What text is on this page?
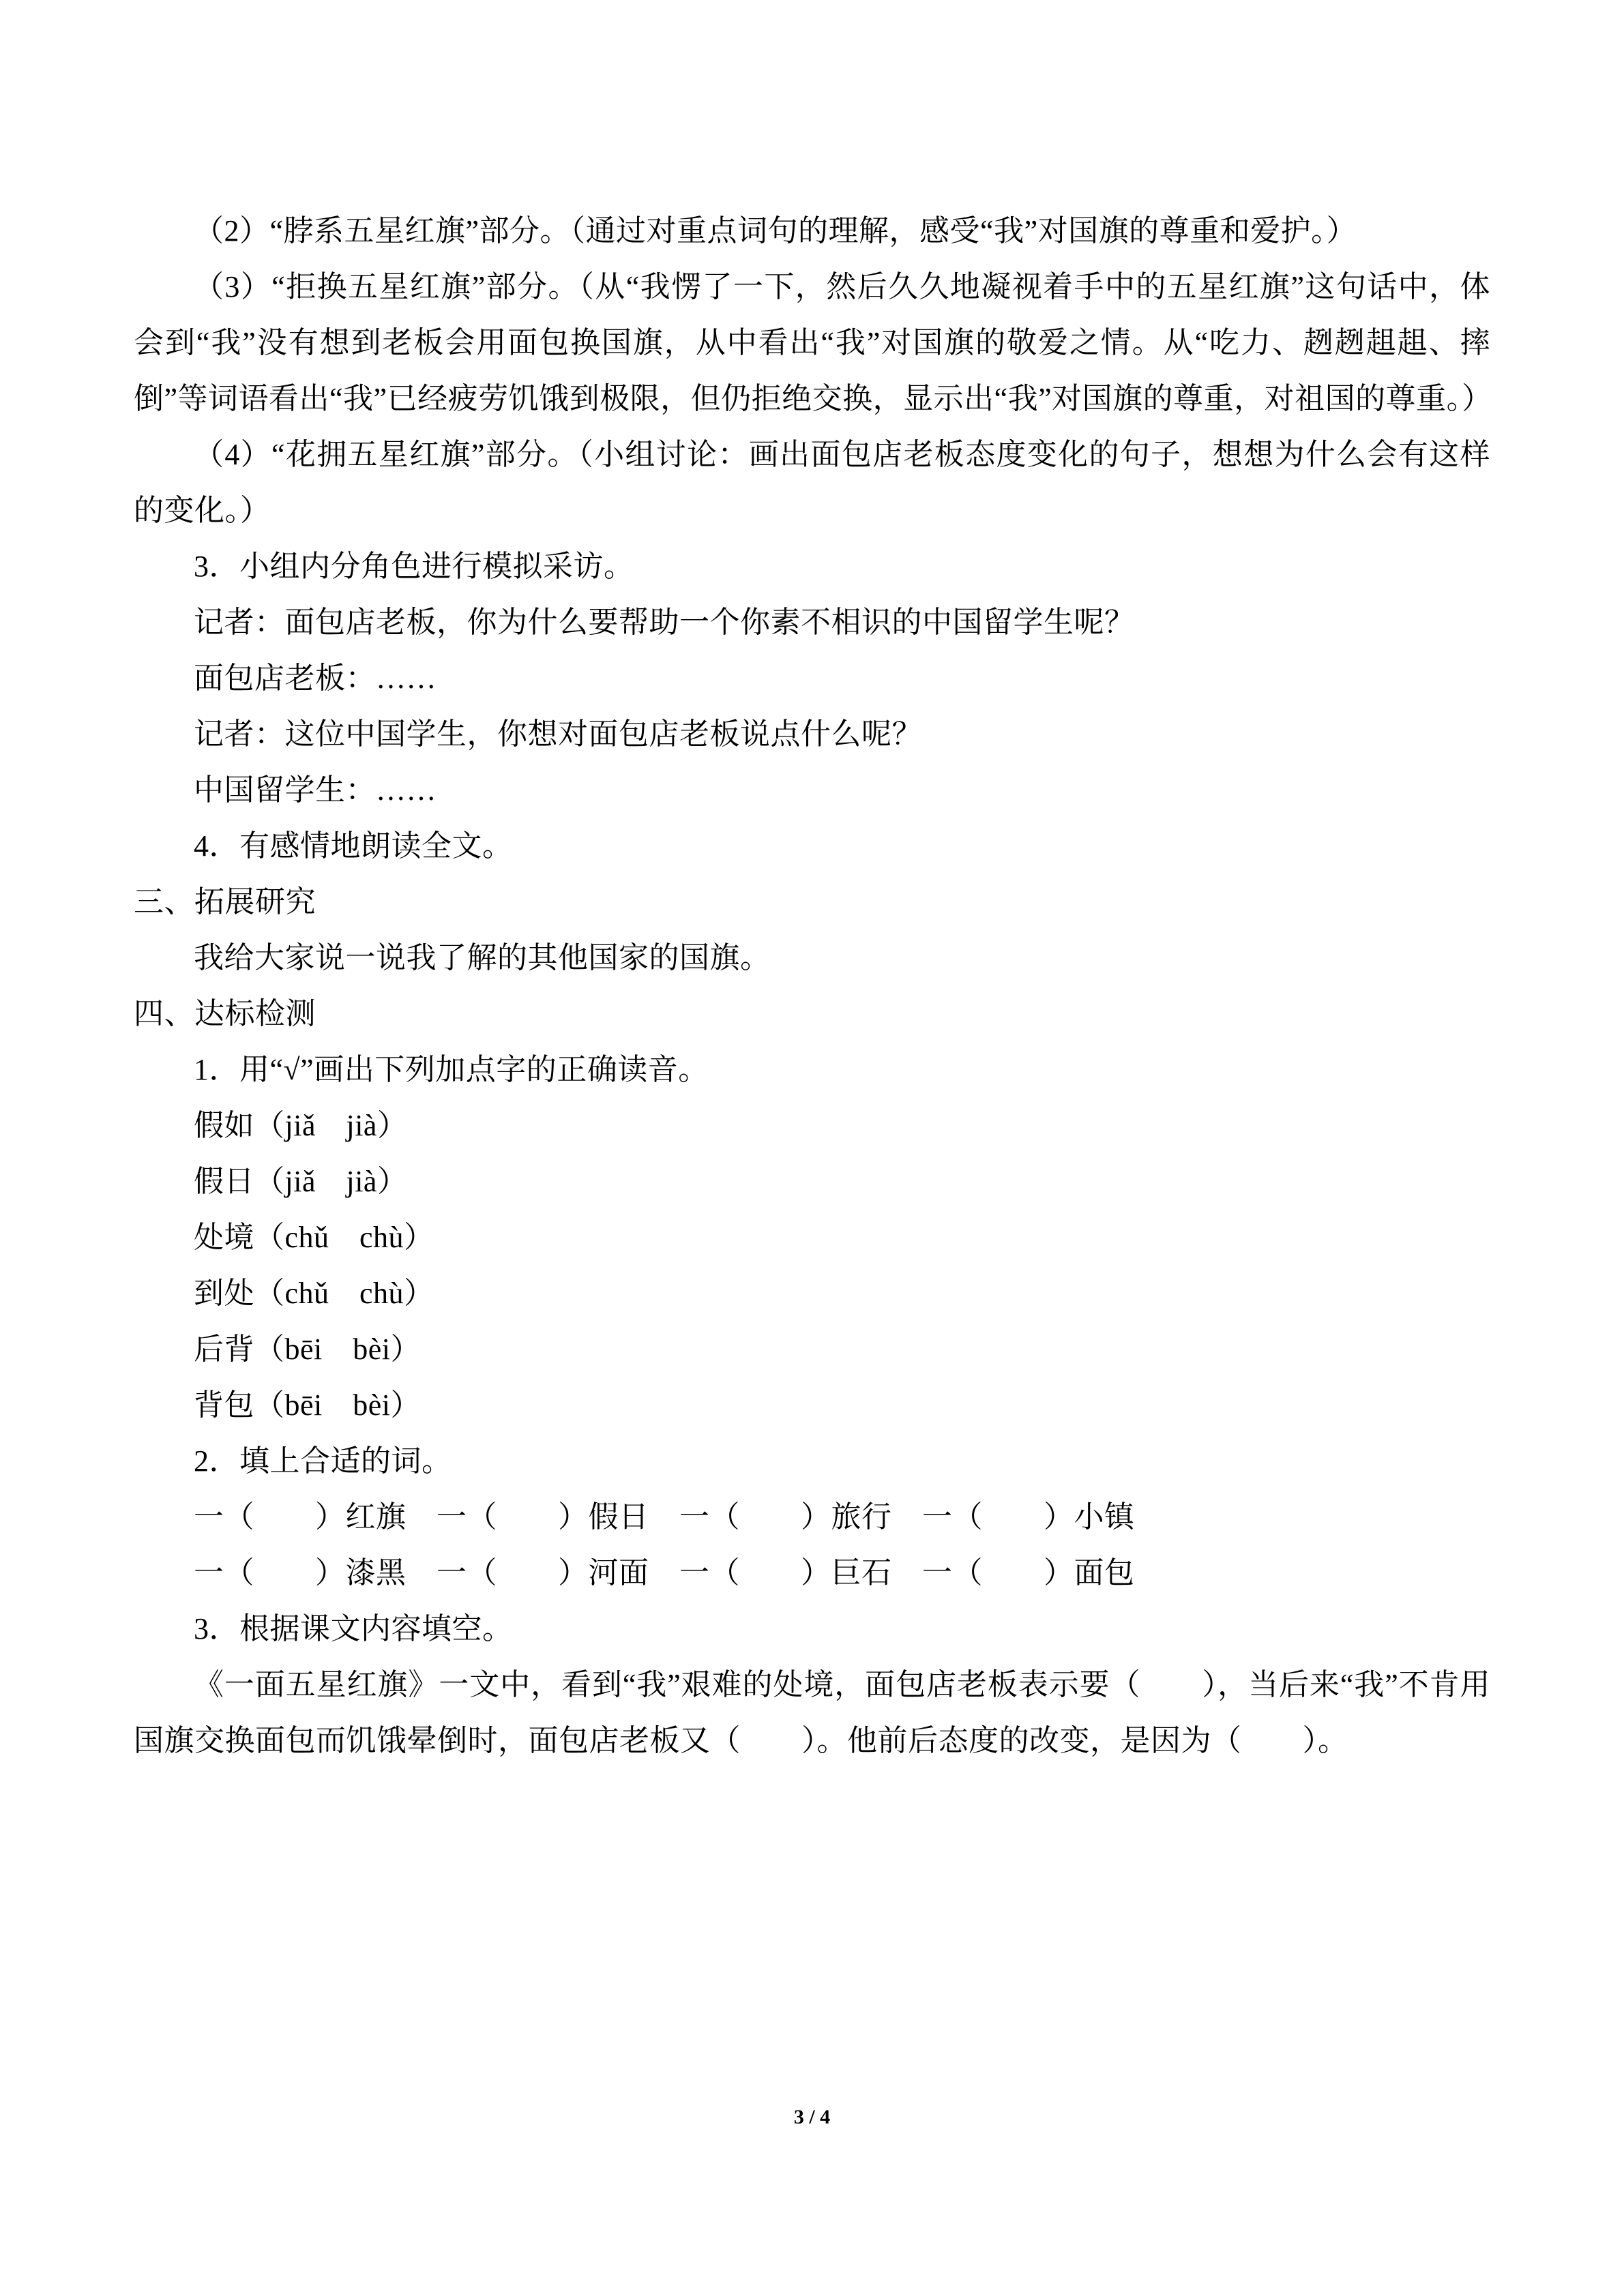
（2）“脖系五星红旗”部分。（通过对重点词句的理解，感受“我”对国旗的尊重和爱护。）

（3）“拒换五星红旗”部分。（从“我愣了一下，然后久久地凝视着手中的五星红旗”这句话中，体会到“我”没有想到老板会用面包换国旗，从中看出“我”对国旗的敬爱之情。从“吃力、趔趔趄趄、摔倒”等词语看出“我”已经疲劳饥饿到极限，但仍拒绝交换，显示出“我”对国旗的尊重，对祖国的尊重。）

（4）“花拥五星红旗”部分。（小组讨论：画出面包店老板态度变化的句子，想想为什么会有这样的变化。）

3．小组内分角色进行模拟采访。

记者：面包店老板，你为什么要帮助一个你素不相识的中国留学生呢？

面包店老板：……

记者：这位中国学生，你想对面包店老板说点什么呢？

中国留学生：……

4．有感情地朗读全文。

三、拓展研究

我给大家说一说我了解的其他国家的国旗。

四、达标检测

1．用“√”画出下列加点字的正确读音。

假如（jiǎ　jià）

假日（jiǎ　jià）

处境（chǔ　chù）

到处（chǔ　chù）

后背（bēi　bèi）

背包（bēi　bèi）

2．填上合适的词。

一（　　）红旗　一（　　）假日　一（　　）旅行　一（　　）小镇

一（　　）漆黑　一（　　）河面　一（　　）巨石　一（　　）面包

3．根据课文内容填空。

《一面五星红旗》一文中，看到“我”艰难的处境，面包店老板表示要（　　），当后来“我”不肯用国旗交换面包而饥饿晕倒时，面包店老板又（　　）。他前后态度的改变，是因为（　　）。

3 / 4
